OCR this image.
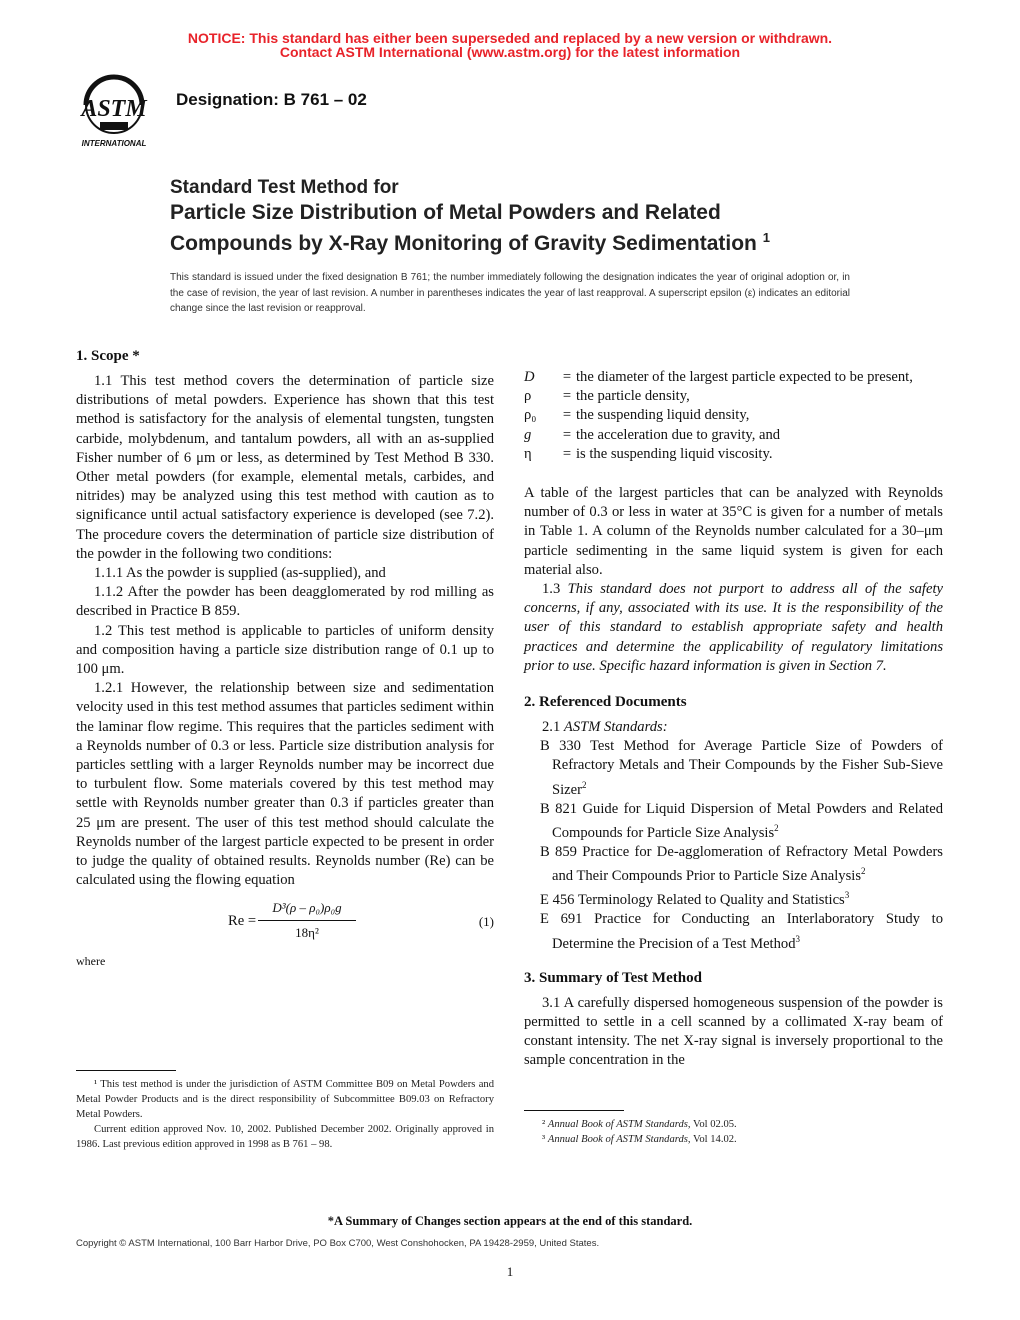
NOTICE: This standard has either been superseded and replaced by a new version or withdrawn.
Contact ASTM International (www.astm.org) for the latest information
ASTM
INTERNATIONAL
Designation: B 761 – 02
Standard Test Method for
Particle Size Distribution of Metal Powders and Related
Compounds by X-Ray Monitoring of Gravity Sedimentation $^1$
This standard is issued under the fixed designation B 761; the number immediately following the designation indicates the year of original adoption or, in the case of revision, the year of last revision. A number in parentheses indicates the year of last reapproval. A superscript epsilon (ε) indicates an editorial change since the last revision or reapproval.
1. Scope *

1.1 This test method covers the determination of particle size distributions of metal powders. Experience has shown that this test method is satisfactory for the analysis of elemental tungsten, tungsten carbide, molybdenum, and tantalum powders, all with an as-supplied Fisher number of 6 μm or less, as determined by Test Method B 330. Other metal powders (for example, elemental metals, carbides, and nitrides) may be analyzed using this test method with caution as to significance until actual satisfactory experience is developed (see 7.2). The procedure covers the determination of particle size distribution of the powder in the following two conditions:

1.1.1 As the powder is supplied (as-supplied), and

1.1.2 After the powder has been deagglomerated by rod milling as described in Practice B 859.

1.2 This test method is applicable to particles of uniform density and composition having a particle size distribution range of 0.1 up to 100 μm.

1.2.1 However, the relationship between size and sedimentation velocity used in this test method assumes that particles sediment within the laminar flow regime. This requires that the particles sediment with a Reynolds number of 0.3 or less. Particle size distribution analysis for particles settling with a larger Reynolds number may be incorrect due to turbulent flow. Some materials covered by this test method may settle with Reynolds number greater than 0.3 if particles greater than 25 μm are present. The user of this test method should calculate the Reynolds number of the largest particle expected to be present in order to judge the quality of obtained results. Reynolds number (Re) can be calculated using the flowing equation

$Re = \frac{\text{D³(ρ – ρ₀)ρ₀g}}{\text{18η²}}$	(1)

where

¹ This test method is under the jurisdiction of ASTM Committee B09 on Metal Powders and Metal Powder Products and is the direct responsibility of Subcommittee B09.03 on Refractory Metal Powders.

Current edition approved Nov. 10, 2002. Published December 2002. Originally approved in 1986. Last previous edition approved in 1998 as B 761 – 98.

D	= the diameter of the largest particle expected to be present,
ρ	= the particle density,
ρ₀	= the suspending liquid density,
g	= the acceleration due to gravity, and
η	= is the suspending liquid viscosity.

A table of the largest particles that can be analyzed with Reynolds number of 0.3 or less in water at 35°C is given for a number of metals in Table 1. A column of the Reynolds number calculated for a 30–μm particle sedimenting in the same liquid system is given for each material also.

1.3 This standard does not purport to address all of the safety concerns, if any, associated with its use. It is the responsibility of the user of this standard to establish appropriate safety and health practices and determine the applicability of regulatory limitations prior to use. Specific hazard information is given in Section 7.

2. Referenced Documents

2.1 ASTM Standards:

B 330 Test Method for Average Particle Size of Powders of Refractory Metals and Their Compounds by the Fisher Sub-Sieve Sizer$^2$

B 821 Guide for Liquid Dispersion of Metal Powders and Related Compounds for Particle Size Analysis$^2$

B 859 Practice for De-agglomeration of Refractory Metal Powders and Their Compounds Prior to Particle Size Analysis$^2$

E 456 Terminology Related to Quality and Statistics$^3$

E 691 Practice for Conducting an Interlaboratory Study to Determine the Precision of a Test Method$^3$

3. Summary of Test Method

3.1 A carefully dispersed homogeneous suspension of the powder is permitted to settle in a cell scanned by a collimated X-ray beam of constant intensity. The net X-ray signal is inversely proportional to the sample concentration in the

² Annual Book of ASTM Standards, Vol 02.05.

³ Annual Book of ASTM Standards, Vol 14.02.

*A Summary of Changes section appears at the end of this standard.
Copyright © ASTM International, 100 Barr Harbor Drive, PO Box C700, West Conshohocken, PA 19428-2959, United States.
1
